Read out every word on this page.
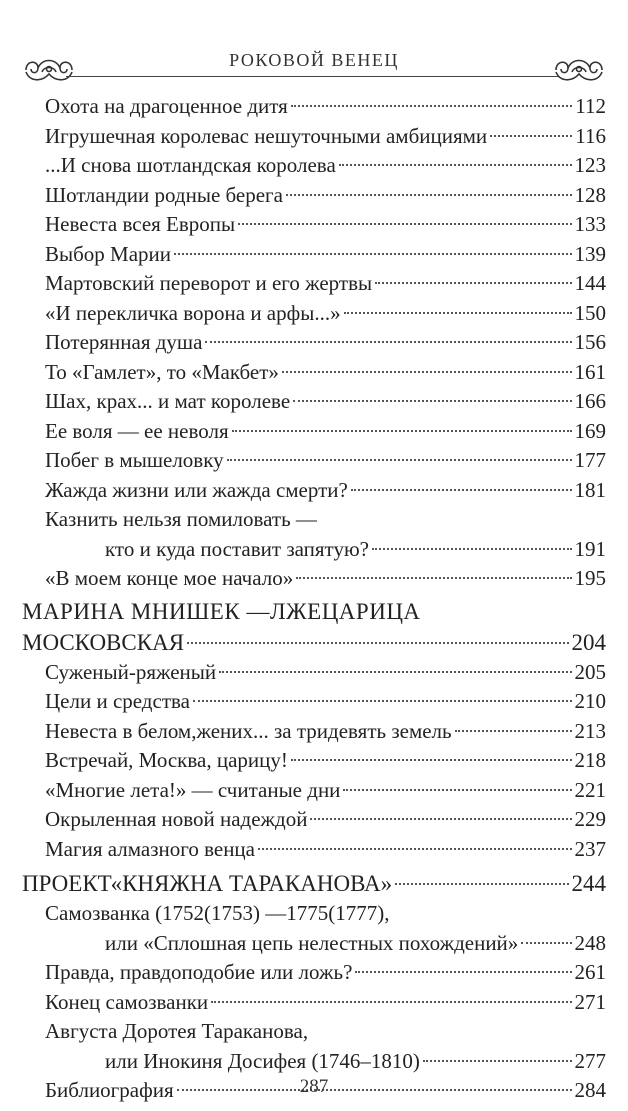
РОКОВОЙ ВЕНЕЦ
Охота на драгоценное дитя	112
Игрушечная королевас нешуточными амбициями	116
...И снова шотландская королева	123
Шотландии родные берега	128
Невеста всея Европы	133
Выбор Марии	139
Мартовский переворот и его жертвы	144
«И перекличка ворона и арфы...»	150
Потерянная душа	156
То «Гамлет», то «Макбет»	161
Шах, крах... и мат королеве	166
Ее воля — ее неволя	169
Побег в мышеловку	177
Жажда жизни или жажда смерти?	181
Казнить нельзя помиловать —
кто и куда поставит запятую?	191
«В моем конце мое начало»	195
МАРИНА МНИШЕК —ЛЖЕЦАРИЦА
МОСКОВСКАЯ	204
Суженый-ряженый	205
Цели и средства	210
Невеста в белом,жених... за тридевять земель	213
Встречай, Москва, царицу!	218
«Многие лета!» — считаные дни	221
Окрыленная новой надеждой	229
Магия алмазного венца	237
ПРОЕКТ«КНЯЖНА ТАРАКАНОВА»	244
Самозванка (1752(1753) —1775(1777),
или «Сплошная цепь нелестных похождений»	248
Правда, правдоподобие или ложь?	261
Конец самозванки	271
Августа Доротея Тараканова,
или Инокиня Досифея (1746–1810)	277
Библиография	284
287
